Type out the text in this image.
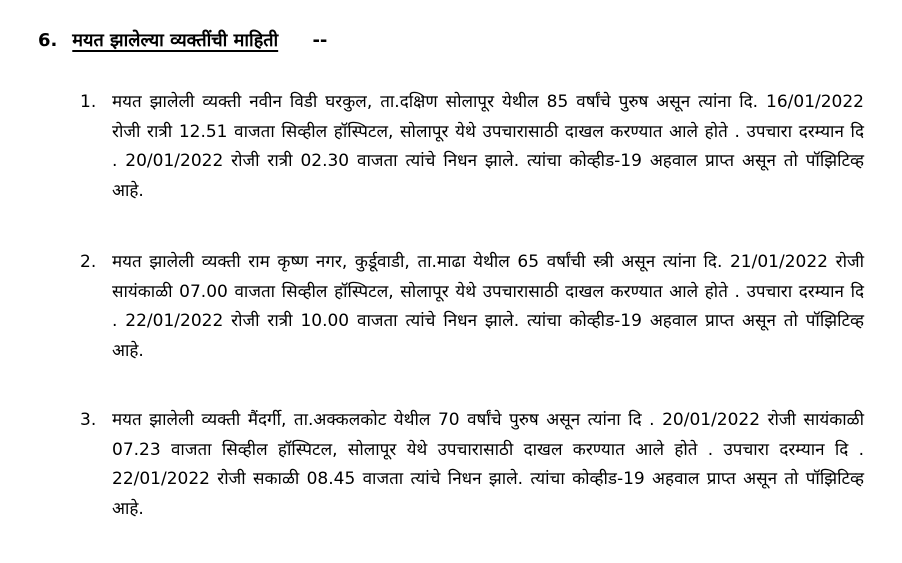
6. मयत झालेल्या व्यक्तींची माहिती --
1. मयत झालेली व्यक्ती नवीन विडी घरकुल, ता.दक्षिण सोलापूर येथील 85 वर्षांचे पुरुष असून त्यांना दि. 16/01/2022 रोजी रात्री 12.51 वाजता सिव्हील हॉस्पिटल, सोलापूर येथे उपचारासाठी दाखल करण्यात आले होते . उपचारा दरम्यान दि . 20/01/2022 रोजी रात्री 02.30 वाजता त्यांचे निधन झाले. त्यांचा कोव्हीड-19 अहवाल प्राप्त असून तो पॉझिटिव्ह आहे.
2. मयत झालेली व्यक्ती राम कृष्ण नगर, कुर्डूवाडी, ता.माढा येथील 65 वर्षांची स्त्री असून त्यांना दि. 21/01/2022 रोजी सायंकाळी 07.00 वाजता सिव्हील हॉस्पिटल, सोलापूर येथे उपचारासाठी दाखल करण्यात आले होते . उपचारा दरम्यान दि . 22/01/2022 रोजी रात्री 10.00 वाजता त्यांचे निधन झाले. त्यांचा कोव्हीड-19 अहवाल प्राप्त असून तो पॉझिटिव्ह आहे.
3. मयत झालेली व्यक्ती मैंदर्गी, ता.अक्कलकोट येथील 70 वर्षांचे पुरुष असून त्यांना दि . 20/01/2022 रोजी सायंकाळी 07.23 वाजता सिव्हील हॉस्पिटल, सोलापूर येथे उपचारासाठी दाखल करण्यात आले होते . उपचारा दरम्यान दि . 22/01/2022 रोजी सकाळी 08.45 वाजता त्यांचे निधन झाले. त्यांचा कोव्हीड-19 अहवाल प्राप्त असून तो पॉझिटिव्ह आहे.
